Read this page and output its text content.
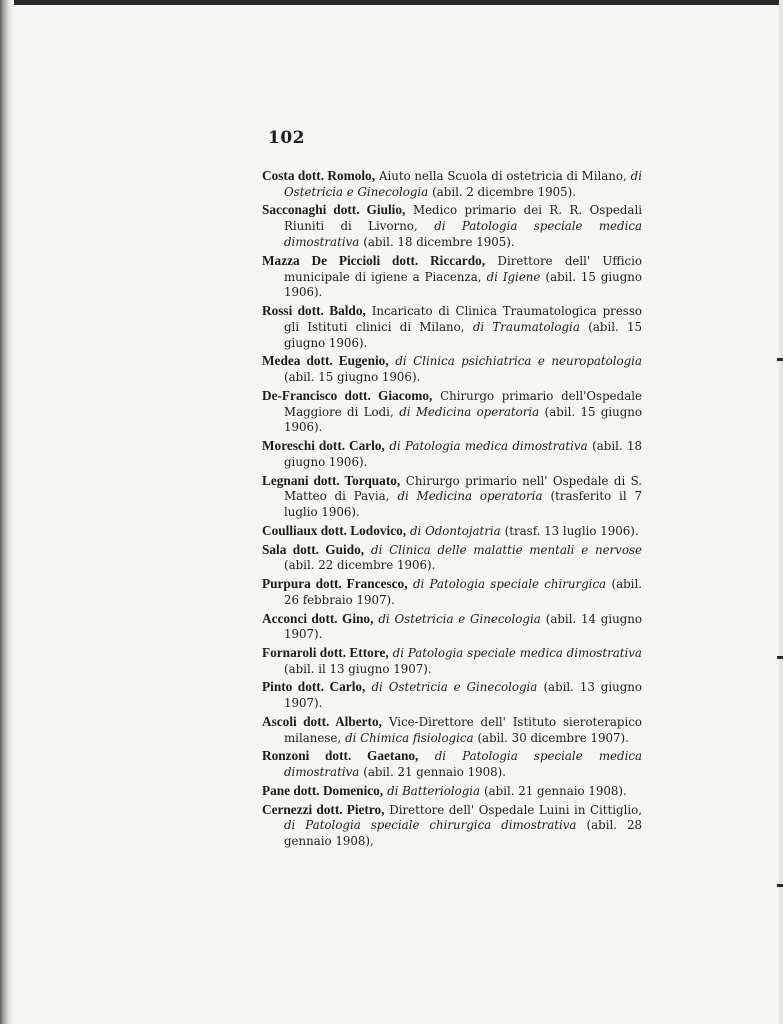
102

Costa dott. Romolo, Aiuto nella Scuola di ostetricia di Milano, di Ostetricia e Ginecologia (abil. 2 dicembre 1905).

Sacconaghi dott. Giulio, Medico primario dei R. R. Ospedali Riuniti di Livorno, di Patologia speciale medica dimostrativa (abil. 18 dicembre 1905).

Mazza De Piccioli dott. Riccardo, Direttore dell' Ufficio municipale di igiene a Piacenza, di Igiene (abil. 15 giugno 1906).

Rossi dott. Baldo, Incaricato di Clinica Traumatologica presso gli Istituti clinici di Milano, di Traumatologia (abil. 15 giugno 1906).

Medea dott. Eugenio, di Clinica psichiatrica e neuropatologia (abil. 15 giugno 1906).

De-Francisco dott. Giacomo, Chirurgo primario dell'Ospedale Maggiore di Lodi, di Medicina operatoria (abil. 15 giugno 1906).

Moreschi dott. Carlo, di Patologia medica dimostrativa (abil. 18 giugno 1906).

Legnani dott. Torquato, Chirurgo primario nell' Ospedale di S. Matteo di Pavia, di Medicina operatoria (trasferito il 7 luglio 1906).

Coulliaux dott. Lodovico, di Odontojatria (trasf. 13 luglio 1906).

Sala dott. Guido, di Clinica delle malattie mentali e nervose (abil. 22 dicembre 1906).

Purpura dott. Francesco, di Patologia speciale chirurgica (abil. 26 febbraio 1907).

Acconci dott. Gino, di Ostetricia e Ginecologia (abil. 14 giugno 1907).

Fornaroli dott. Ettore, di Patologia speciale medica dimostrativa (abil. il 13 giugno 1907).

Pinto dott. Carlo, di Ostetricia e Ginecologia (abil. 13 giugno 1907).

Ascoli dott. Alberto, Vice-Direttore dell' Istituto sieroterapico milanese, di Chimica fisiologica (abil. 30 dicembre 1907).

Ronzoni dott. Gaetano, di Patologia speciale medica dimostrativa (abil. 21 gennaio 1908).

Pane dott. Domenico, di Batteriologia (abil. 21 gennaio 1908).

Cernezzi dott. Pietro, Direttore dell' Ospedale Luini in Cittiglio, di Patologia speciale chirurgica dimostrativa (abil. 28 gennaio 1908),
